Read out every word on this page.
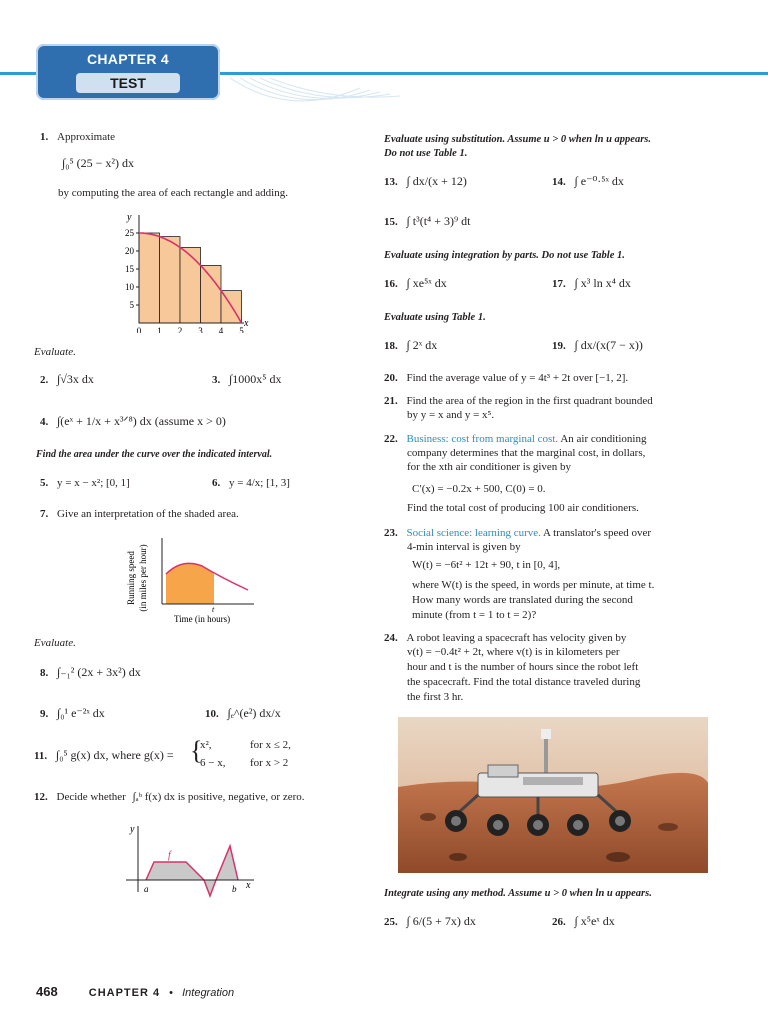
CHAPTER 4
TEST
1. Approximate
∫₀⁵ (25 − x²) dx
by computing the area of each rectangle and adding.
y
x
25
20
15
10
5
0 1 2 3 4 5
Evaluate.
2. ∫√3x dx	3. ∫1000x⁵ dx
4. ∫(eˣ + 1/x + x³ᐟ⁸) dx (assume x > 0)
Find the area under the curve over the indicated interval.
5. y = x − x²; [0, 1]	6. y = 4/x; [1, 3]
7. Give an interpretation of the shaded area.
Running speed (in miles per hour)	t
Time (in hours)
Evaluate.
8. ∫₋₁² (2x + 3x²) dx
9. ∫₀¹ e⁻²ˣ dx	10. ∫ₑ^(e²) dx/x
11. ∫₀⁵ g(x) dx, where g(x) = {
x²,	for x ≤ 2,
6 − x, for x > 2
12. Decide whether ∫ₐᵇ f(x) dx is positive, negative, or zero.
y
x
f
a	b
Evaluate using substitution. Assume u > 0 when ln u appears.
Do not use Table 1.
13. ∫ dx/(x + 12)	14. ∫ e⁻⁰·⁵ˣ dx
15. ∫ t³(t⁴ + 3)⁹ dt
Evaluate using integration by parts. Do not use Table 1.
16. ∫ xe⁵ˣ dx	17. ∫ x³ ln x⁴ dx
Evaluate using Table 1.
18. ∫ 2ˣ dx	19. ∫ dx/(x(7 − x))
20. Find the average value of y = 4t³ + 2t over [−1, 2].
21. Find the area of the region in the first quadrant bounded
by y = x and y = x⁵.
22. Business: cost from marginal cost. An air conditioning
company determines that the marginal cost, in dollars,
for the xth air conditioner is given by
C′(x) = −0.2x + 500, C(0) = 0.
Find the total cost of producing 100 air conditioners.
23. Social science: learning curve. A translator's speed over
4-min interval is given by
W(t) = −6t² + 12t + 90, t in [0, 4],
where W(t) is the speed, in words per minute, at time t.
How many words are translated during the second
minute (from t = 1 to t = 2)?
24. A robot leaving a spacecraft has velocity given by
v(t) = −0.4t² + 2t, where v(t) is in kilometers per
hour and t is the number of hours since the robot left
the spacecraft. Find the total distance traveled during
the first 3 hr.
Integrate using any method. Assume u > 0 when ln u appears.
25. ∫ 6/(5 + 7x) dx	26. ∫ x⁵eˣ dx
468	CHAPTER 4 • Integration
